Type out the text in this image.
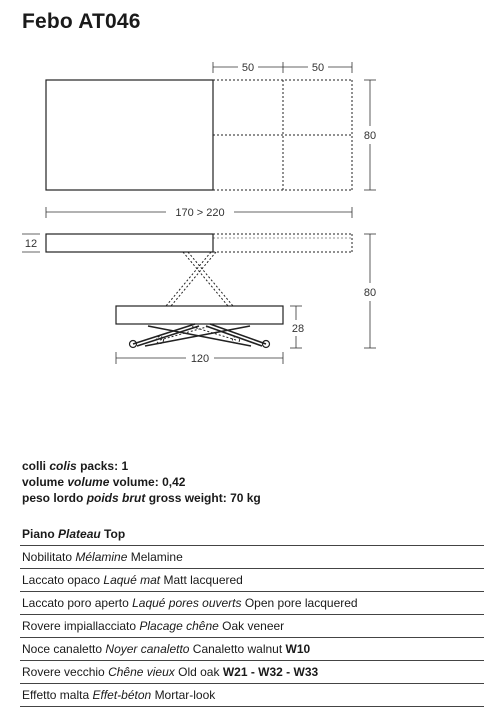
Febo AT046
50	50
80
170 > 220
12
80
28
120
colli colis packs: 1
volume volume volume: 0,42
peso lordo poids brut gross weight: 70 kg
Piano Plateau Top
Nobilitato Mélamine Melamine
Laccato opaco Laqué mat Matt lacquered
Laccato poro aperto Laqué pores ouverts Open pore lacquered
Rovere impiallacciato Placage chêne Oak veneer
Noce canaletto Noyer canaletto Canaletto walnut W10
Rovere vecchio Chêne vieux Old oak W21 - W32 - W33
Effetto malta Effet-béton Mortar-look
